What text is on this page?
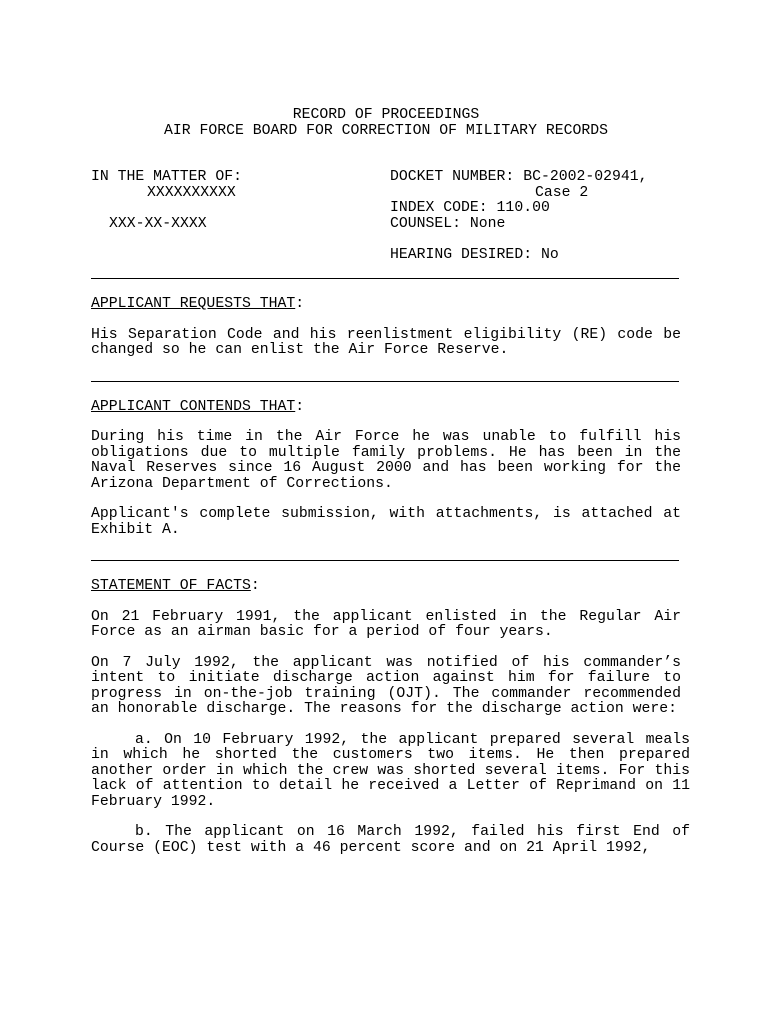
RECORD OF PROCEEDINGS
AIR FORCE BOARD FOR CORRECTION OF MILITARY RECORDS
IN THE MATTER OF:
XXXXXXXXXX
XXX-XX-XXXX
DOCKET NUMBER: BC-2002-02941,
Case 2
INDEX CODE: 110.00
COUNSEL: None
HEARING DESIRED: No
APPLICANT REQUESTS THAT:
His Separation Code and his reenlistment eligibility (RE) code be changed so he can enlist the Air Force Reserve.
APPLICANT CONTENDS THAT:
During his time in the Air Force he was unable to fulfill his obligations due to multiple family problems. He has been in the Naval Reserves since 16 August 2000 and has been working for the Arizona Department of Corrections.
Applicant's complete submission, with attachments, is attached at Exhibit A.
STATEMENT OF FACTS:
On 21 February 1991, the applicant enlisted in the Regular Air Force as an airman basic for a period of four years.
On 7 July 1992, the applicant was notified of his commander’s intent to initiate discharge action against him for failure to progress in on-the-job training (OJT). The commander recommended an honorable discharge. The reasons for the discharge action were:
a. On 10 February 1992, the applicant prepared several meals in which he shorted the customers two items. He then prepared another order in which the crew was shorted several items. For this lack of attention to detail he received a Letter of Reprimand on 11 February 1992.
b. The applicant on 16 March 1992, failed his first End of Course (EOC) test with a 46 percent score and on 21 April 1992,
